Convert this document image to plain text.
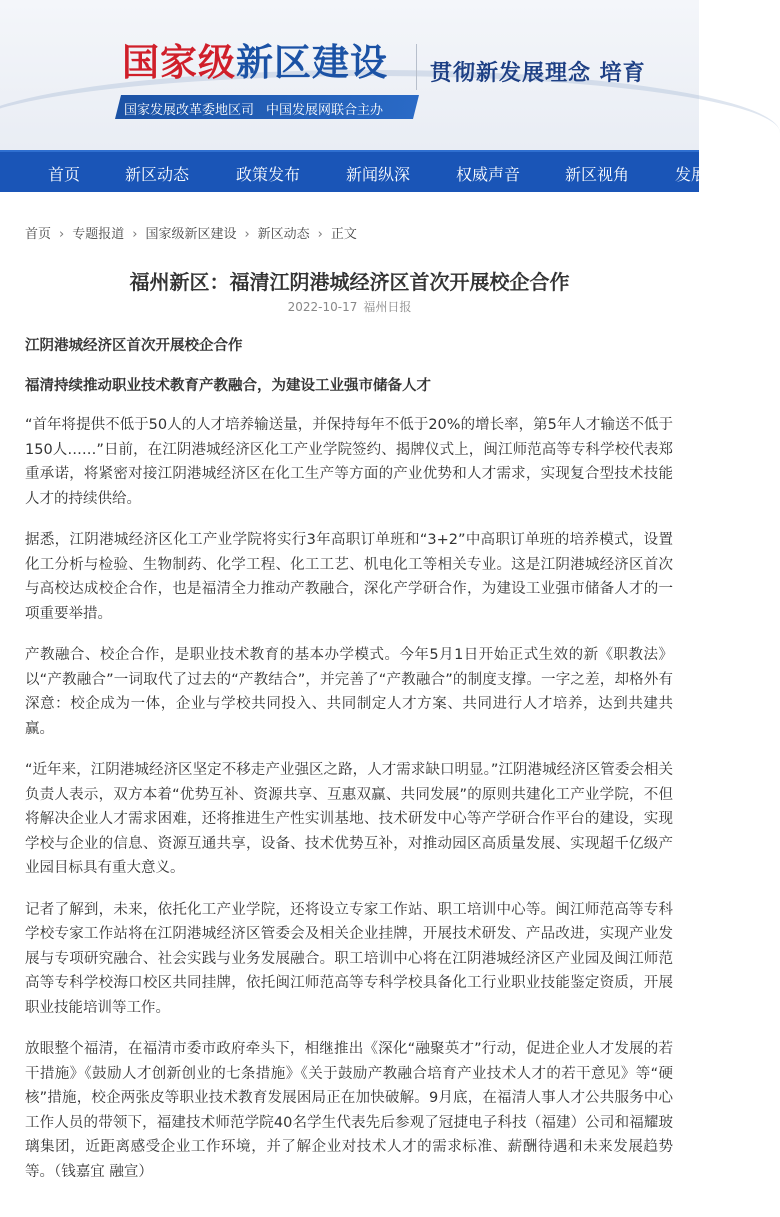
国家级新区建设 贯彻新发展理念 培育
国家发展改革委地区司 中国发展网联合主办
首页	新区动态	政策发布	新闻纵深	权威声音	新区视角	发展
首页 › 专题报道 › 国家级新区建设 › 新区动态 › 正文
福州新区：福清江阴港城经济区首次开展校企合作
2022-10-17 福州日报
江阴港城经济区首次开展校企合作
福清持续推动职业技术教育产教融合，为建设工业强市储备人才

“首年将提供不低于50人的人才培养输送量，并保持每年不低于20%的增长率，第5年人才输送不低于150人……”日前，在江阴港城经济区化工产业学院签约、揭牌仪式上，闽江师范高等专科学校代表郑重承诺，将紧密对接江阴港城经济区在化工生产等方面的产业优势和人才需求，实现复合型技术技能人才的持续供给。

据悉，江阴港城经济区化工产业学院将实行3年高职订单班和“3+2”中高职订单班的培养模式，设置化工分析与检验、生物制药、化学工程、化工工艺、机电化工等相关专业。这是江阴港城经济区首次与高校达成校企合作，也是福清全力推动产教融合，深化产学研合作，为建设工业强市储备人才的一项重要举措。

产教融合、校企合作，是职业技术教育的基本办学模式。今年5月1日开始正式生效的新《职教法》以“产教融合”一词取代了过去的“产教结合”，并完善了“产教融合”的制度支撑。一字之差，却格外有深意：校企成为一体，企业与学校共同投入、共同制定人才方案、共同进行人才培养，达到共建共赢。

“近年来，江阴港城经济区坚定不移走产业强区之路，人才需求缺口明显。”江阴港城经济区管委会相关负责人表示，双方本着“优势互补、资源共享、互惠双赢、共同发展”的原则共建化工产业学院，不但将解决企业人才需求困难，还将推进生产性实训基地、技术研发中心等产学研合作平台的建设，实现学校与企业的信息、资源互通共享，设备、技术优势互补，对推动园区高质量发展、实现超千亿级产业园目标具有重大意义。

记者了解到，未来，依托化工产业学院，还将设立专家工作站、职工培训中心等。闽江师范高等专科学校专家工作站将在江阴港城经济区管委会及相关企业挂牌，开展技术研发、产品改进，实现产业发展与专项研究融合、社会实践与业务发展融合。职工培训中心将在江阴港城经济区产业园及闽江师范高等专科学校海口校区共同挂牌，依托闽江师范高等专科学校具备化工行业职业技能鉴定资质，开展职业技能培训等工作。

放眼整个福清，在福清市委市政府牵头下，相继推出《深化“融聚英才”行动，促进企业人才发展的若干措施》《鼓励人才创新创业的七条措施》《关于鼓励产教融合培育产业技术人才的若干意见》等“硬核”措施，校企两张皮等职业技术教育发展困局正在加快破解。9月底，在福清人事人才公共服务中心工作人员的带领下，福建技术师范学院40名学生代表先后参观了冠捷电子科技（福建）公司和福耀玻璃集团，近距离感受企业工作环境，并了解企业对技术人才的需求标准、薪酬待遇和未来发展趋势等。（钱嘉宜 融宣）
